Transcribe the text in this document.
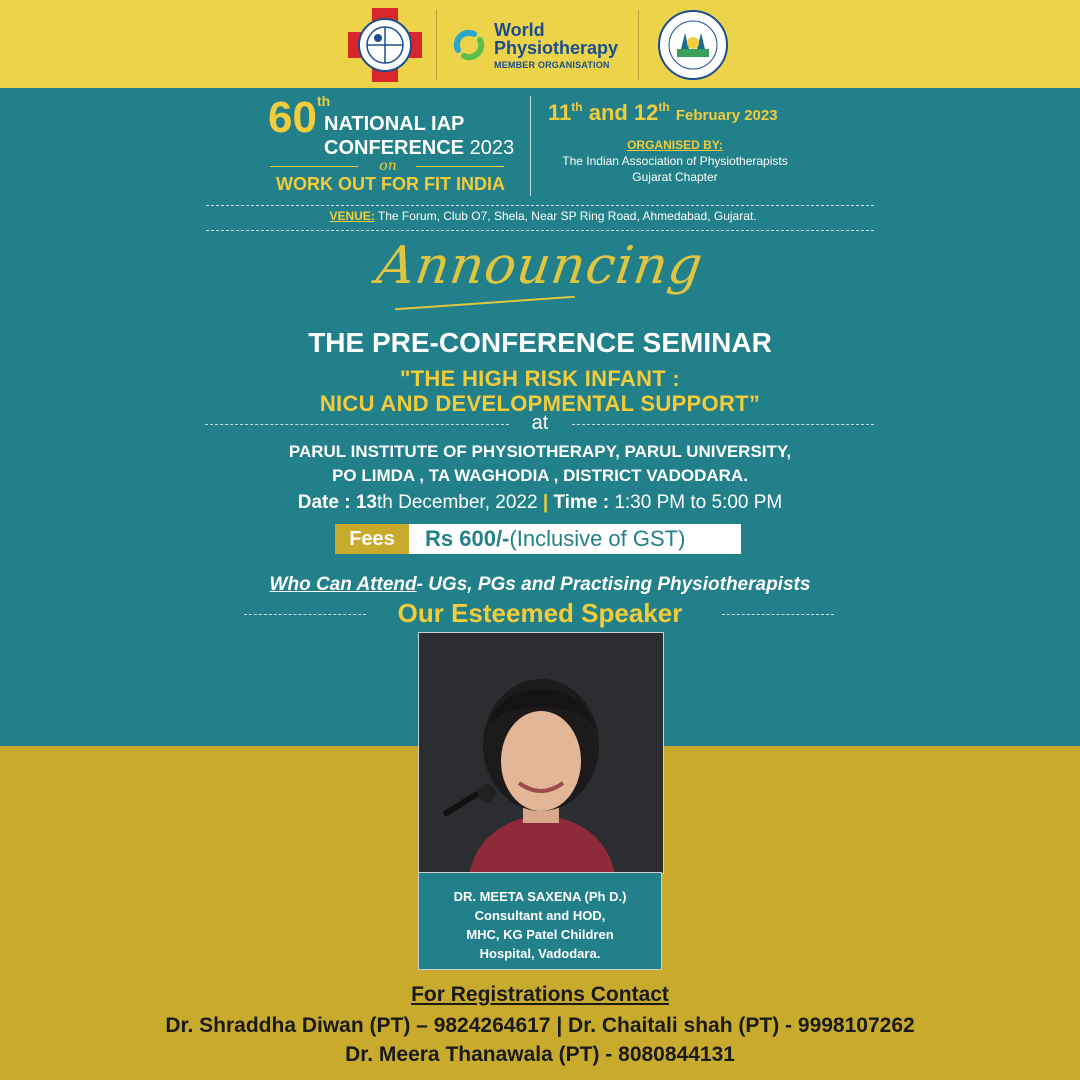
World
Physiotherapy
MEMBER ORGANISATION
60th
NATIONAL IAP
CONFERENCE 2023
on
WORK OUT FOR FIT INDIA
11th and 12th February 2023
ORGANISED BY:
The Indian Association of Physiotherapists
Gujarat Chapter
VENUE: The Forum, Club O7, Shela, Near SP Ring Road, Ahmedabad, Gujarat.
Announcing
THE PRE-CONFERENCE SEMINAR
"THE HIGH RISK INFANT :
NICU AND DEVELOPMENTAL SUPPORT”
at
PARUL INSTITUTE OF PHYSIOTHERAPY, PARUL UNIVERSITY,
PO LIMDA , TA WAGHODIA , DISTRICT VADODARA.
Date : 13th December, 2022 | Time : 1:30 PM to 5:00 PM
Fees	Rs 600/-(Inclusive of GST)
Who Can Attend- UGs, PGs and Practising Physiotherapists
Our Esteemed Speaker
DR. MEETA SAXENA (Ph D.)
Consultant and HOD,
MHC, KG Patel Children
Hospital, Vadodara.
For Registrations Contact
Dr. Shraddha Diwan (PT) – 9824264617 | Dr. Chaitali shah (PT) - 9998107262
Dr. Meera Thanawala (PT) - 8080844131
